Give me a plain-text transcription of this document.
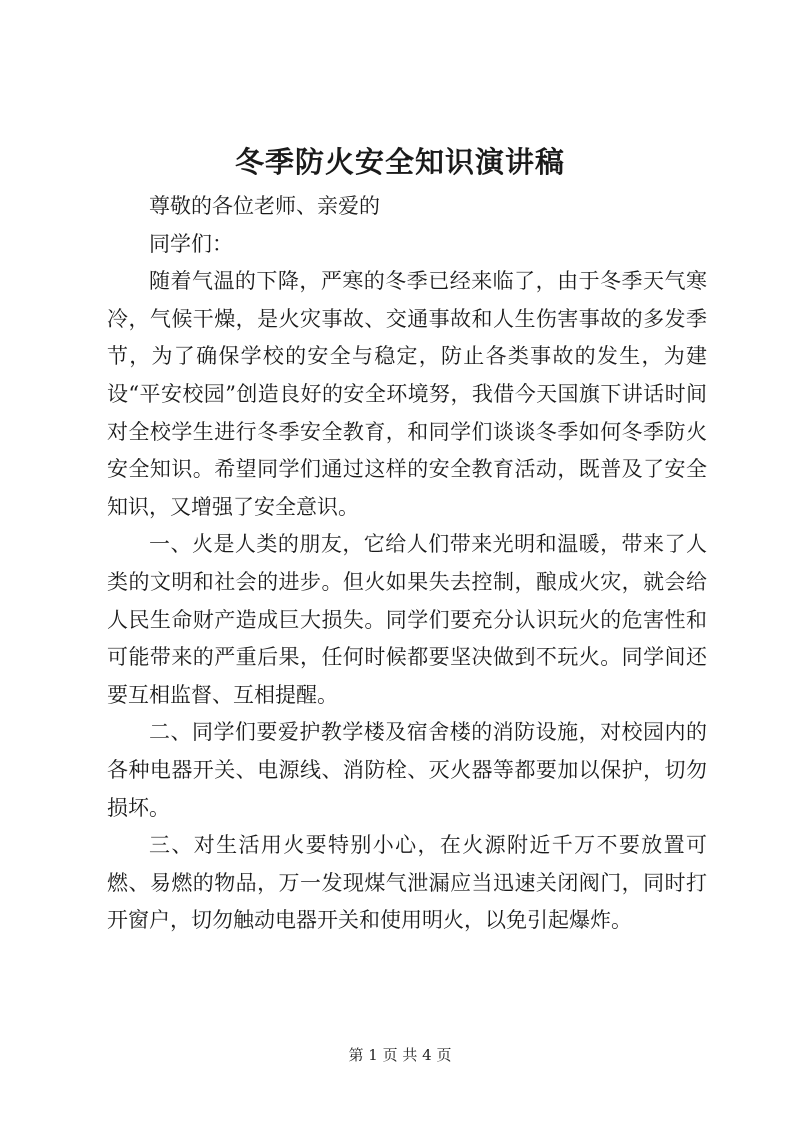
冬季防火安全知识演讲稿

尊敬的各位老师、亲爱的

同学们：

随着气温的下降，严寒的冬季已经来临了，由于冬季天气寒冷，气候干燥，是火灾事故、交通事故和人生伤害事故的多发季节，为了确保学校的安全与稳定，防止各类事故的发生，为建设“平安校园”创造良好的安全环境努，我借今天国旗下讲话时间对全校学生进行冬季安全教育，和同学们谈谈冬季如何冬季防火安全知识。希望同学们通过这样的安全教育活动，既普及了安全知识，又增强了安全意识。

一、火是人类的朋友，它给人们带来光明和温暖，带来了人类的文明和社会的进步。但火如果失去控制，酿成火灾，就会给人民生命财产造成巨大损失。同学们要充分认识玩火的危害性和可能带来的严重后果，任何时候都要坚决做到不玩火。同学间还要互相监督、互相提醒。

二、同学们要爱护教学楼及宿舍楼的消防设施，对校园内的各种电器开关、电源线、消防栓、灭火器等都要加以保护，切勿损坏。

三、对生活用火要特别小心，在火源附近千万不要放置可燃、易燃的物品，万一发现煤气泄漏应当迅速关闭阀门，同时打开窗户，切勿触动电器开关和使用明火，以免引起爆炸。

第 1 页 共 4 页
